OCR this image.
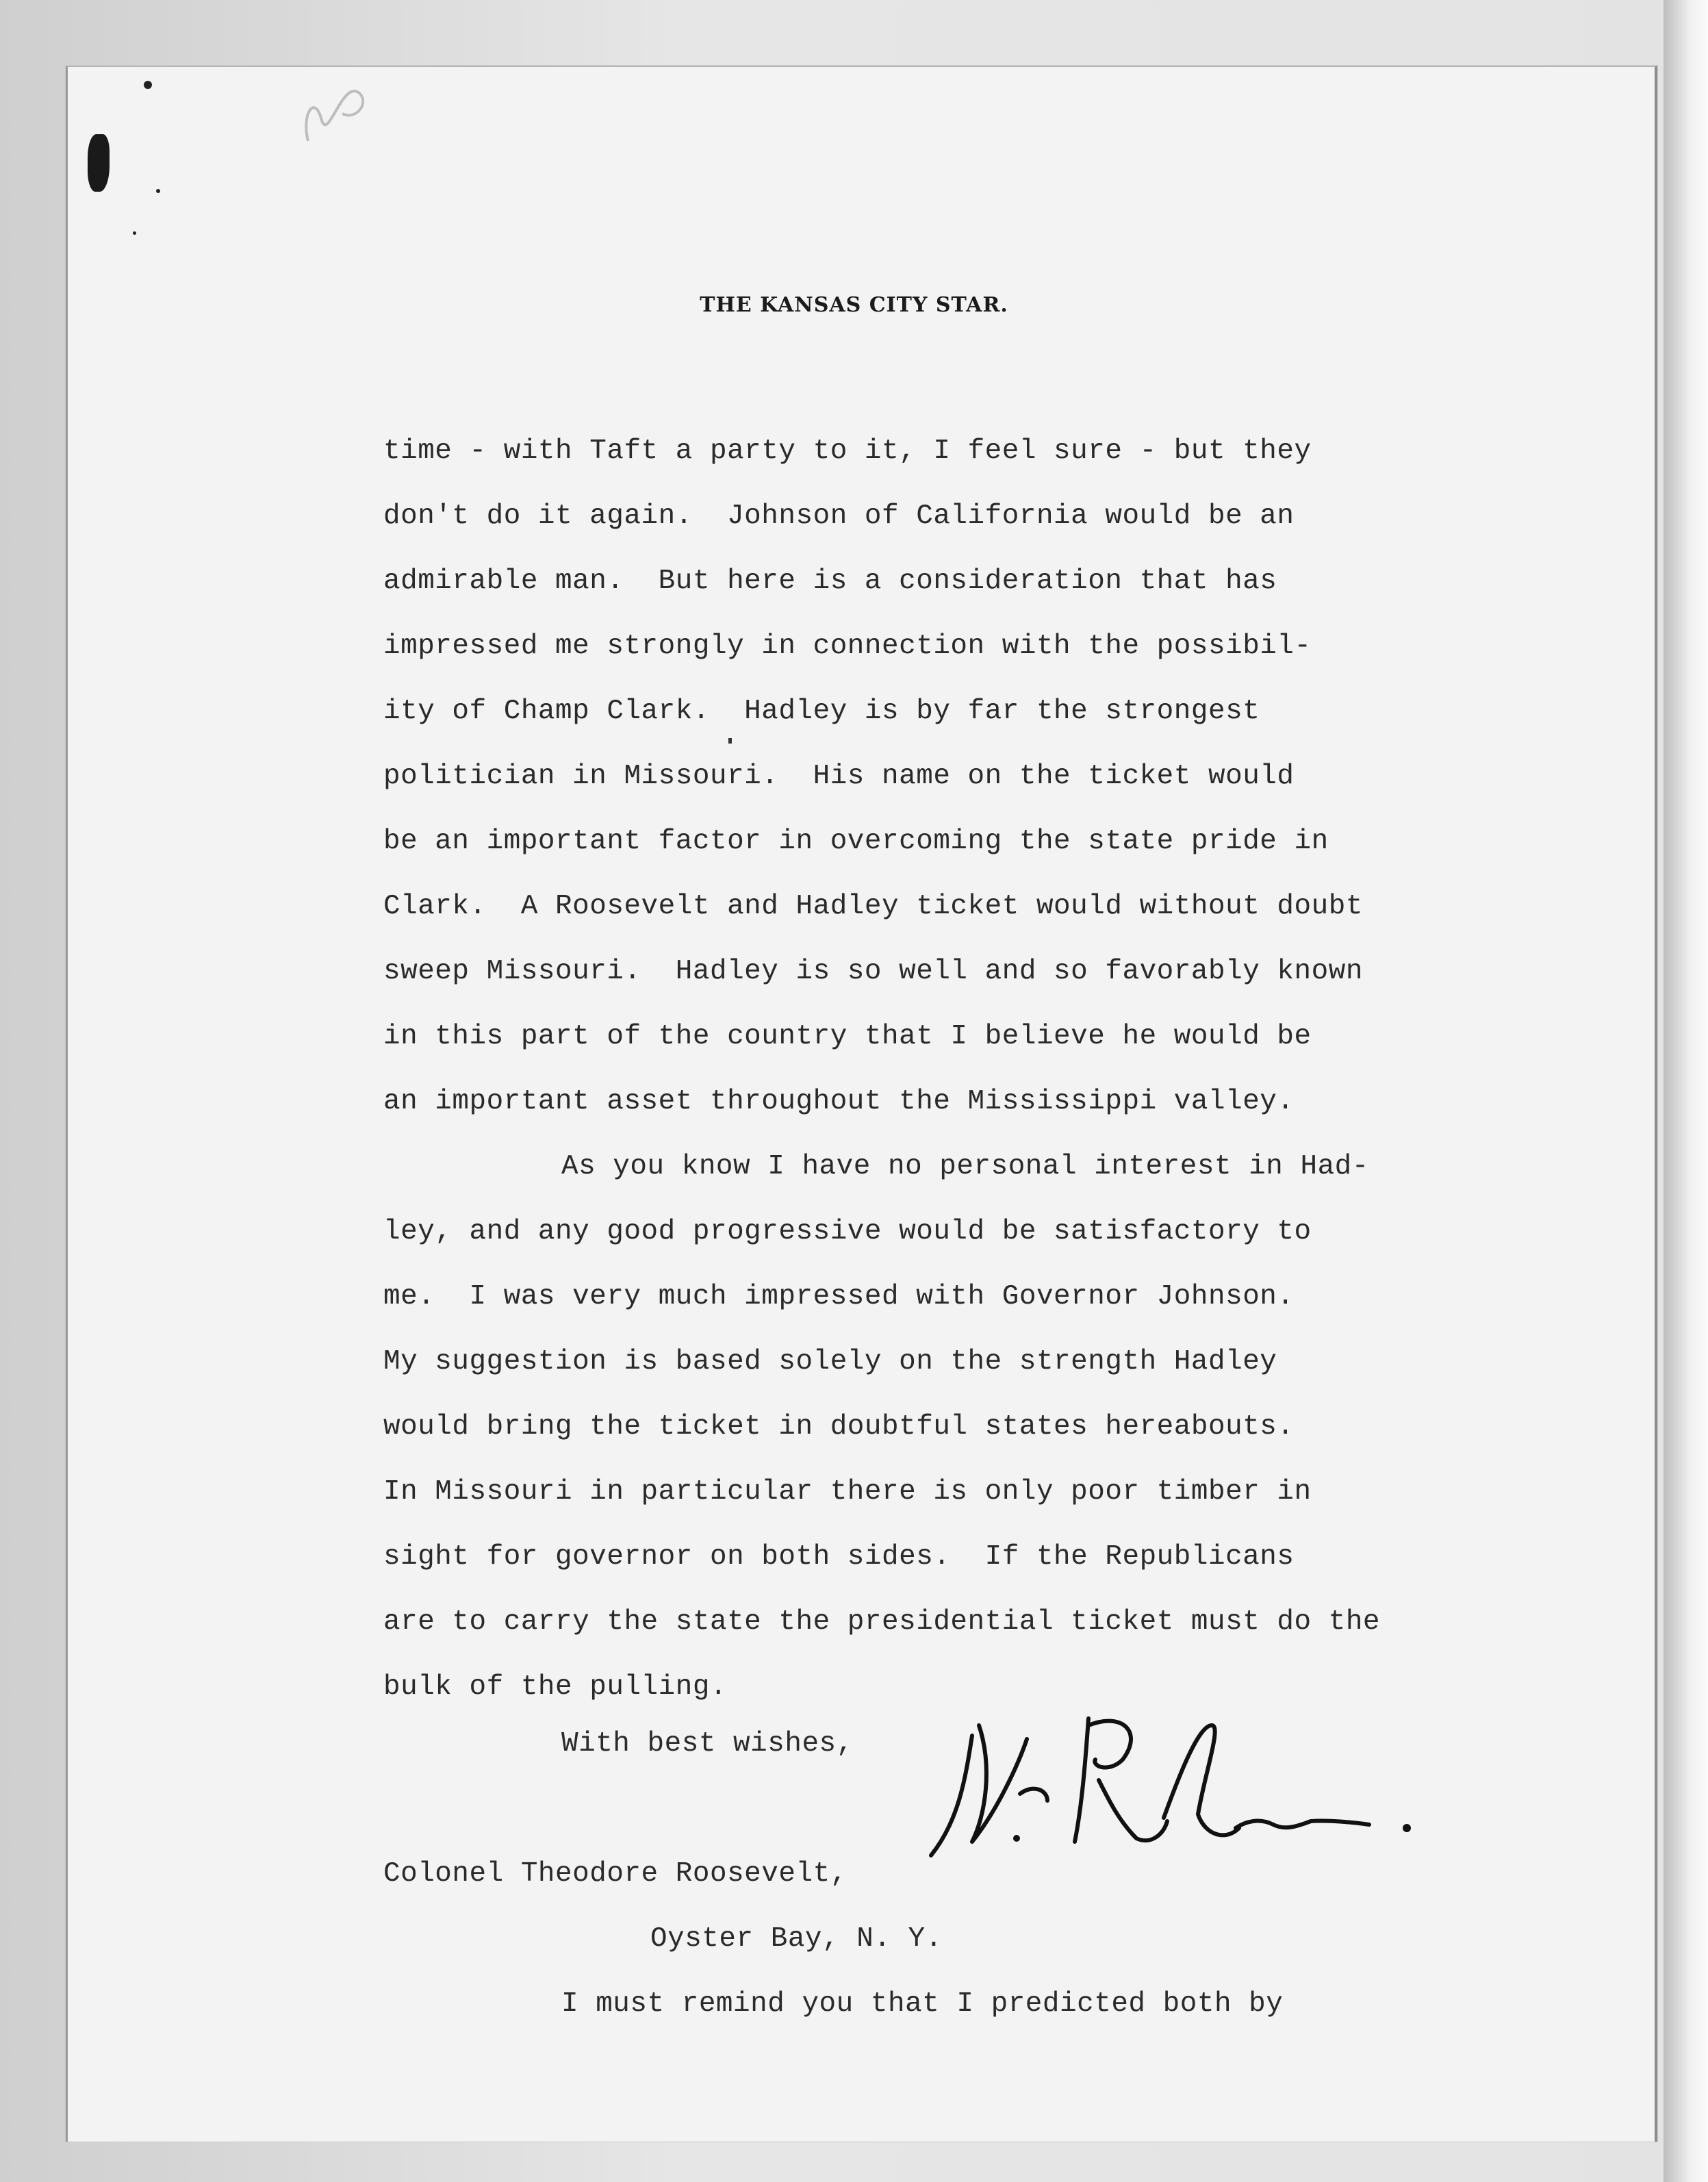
THE KANSAS CITY STAR.
time - with Taft a party to it, I feel sure - but they
don't do it again.  Johnson of California would be an
admirable man.  But here is a consideration that has
impressed me strongly in connection with the possibil-
ity of Champ Clark.  Hadley is by far the strongest
politician in Missouri.  His name on the ticket would
be an important factor in overcoming the state pride in
Clark.  A Roosevelt and Hadley ticket would without doubt
sweep Missouri.  Hadley is so well and so favorably known
in this part of the country that I believe he would be
an important asset throughout the Mississippi valley.
As you know I have no personal interest in Had-
ley, and any good progressive would be satisfactory to
me.  I was very much impressed with Governor Johnson.
My suggestion is based solely on the strength Hadley
would bring the ticket in doubtful states hereabouts.
In Missouri in particular there is only poor timber in
sight for governor on both sides.  If the Republicans
are to carry the state the presidential ticket must do the
bulk of the pulling.
With best wishes,
Colonel Theodore Roosevelt,
Oyster Bay, N. Y.
I must remind you that I predicted both by
